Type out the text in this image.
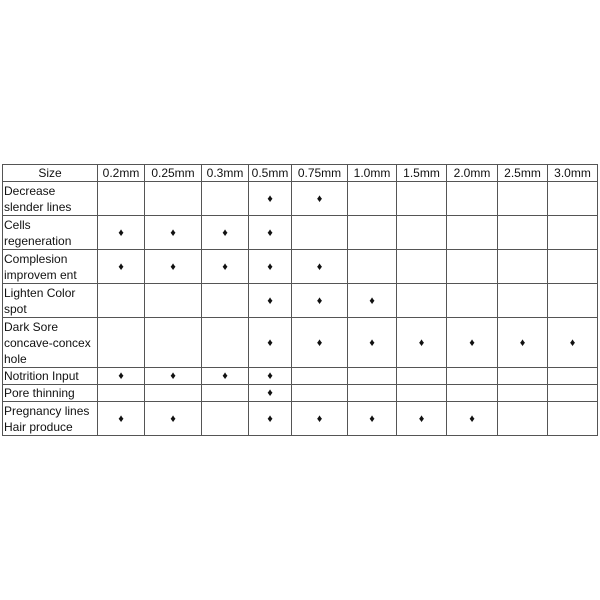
Size	0.2mm	0.25mm	0.3mm	0.5mm	0.75mm	1.0mm	1.5mm	2.0mm	2.5mm	3.0mm
Decrease
slender lines				♦	♦					
Cells
regeneration	♦	♦	♦	♦						
Complesion
improvem ent	♦	♦	♦	♦	♦					
Lighten Color
spot				♦	♦	♦				
Dark Sore
concave-concex
hole				♦	♦	♦	♦	♦	♦	♦
Notrition Input	♦	♦	♦	♦						
Pore thinning				♦						
Pregnancy lines
Hair produce	♦	♦		♦	♦	♦	♦	♦		
